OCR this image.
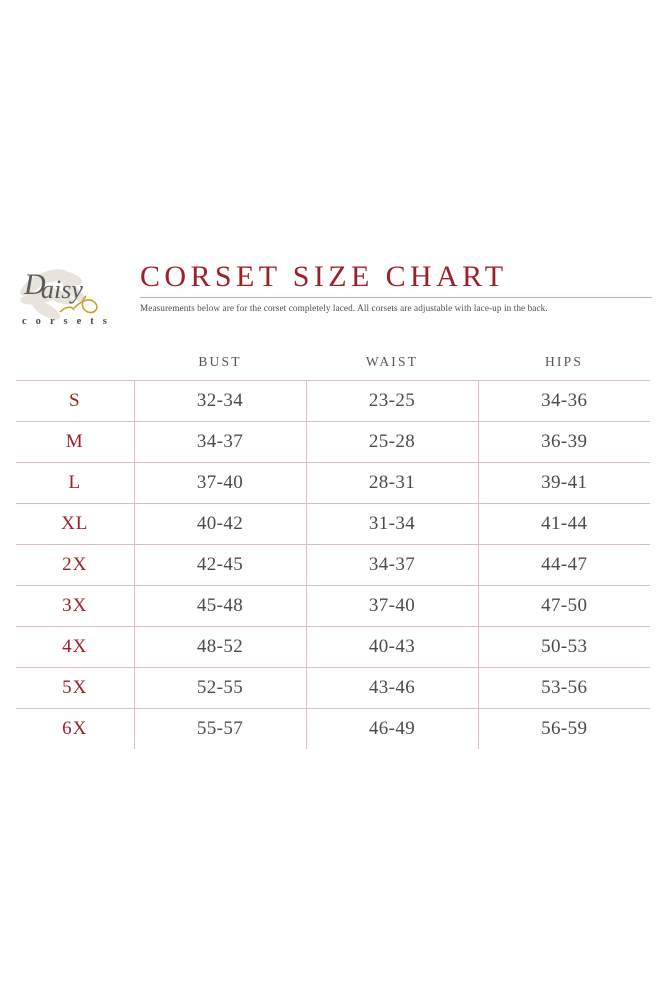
D
aisy
c o r s e t s
CORSET SIZE CHART
Measurements below are for the corset completely laced. All corsets are adjustable with lace-up in the back.
	BUST	WAIST	HIPS
S	32-34	23-25	34-36
M	34-37	25-28	36-39
L	37-40	28-31	39-41
XL	40-42	31-34	41-44
2X	42-45	34-37	44-47
3X	45-48	37-40	47-50
4X	48-52	40-43	50-53
5X	52-55	43-46	53-56
6X	55-57	46-49	56-59
